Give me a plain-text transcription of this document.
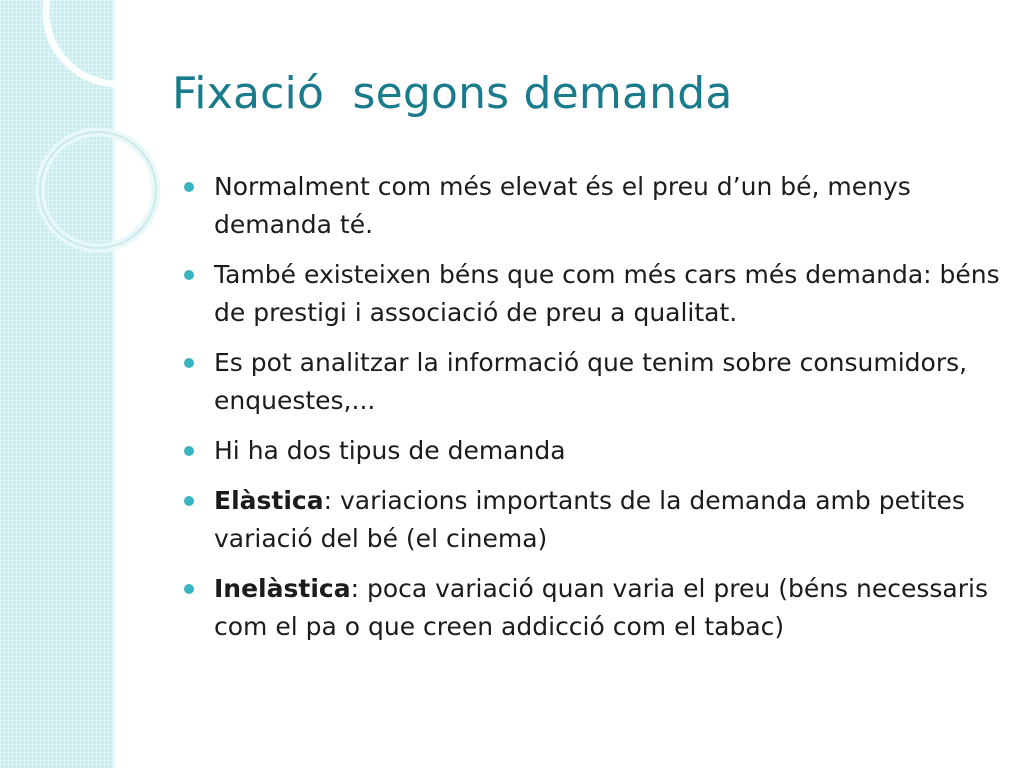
Fixació  segons demanda
Normalment com més elevat és el preu d’un bé, menys demanda té.
També existeixen béns que com més cars més demanda: béns de prestigi i associació de preu a qualitat.
Es pot analitzar la informació que tenim sobre consumidors, enquestes,...
Hi ha dos tipus de demanda
Elàstica: variacions importants de la demanda amb petites variació del bé (el cinema)
Inelàstica: poca variació quan varia el preu (béns necessaris com el pa o que creen addicció com el tabac)
